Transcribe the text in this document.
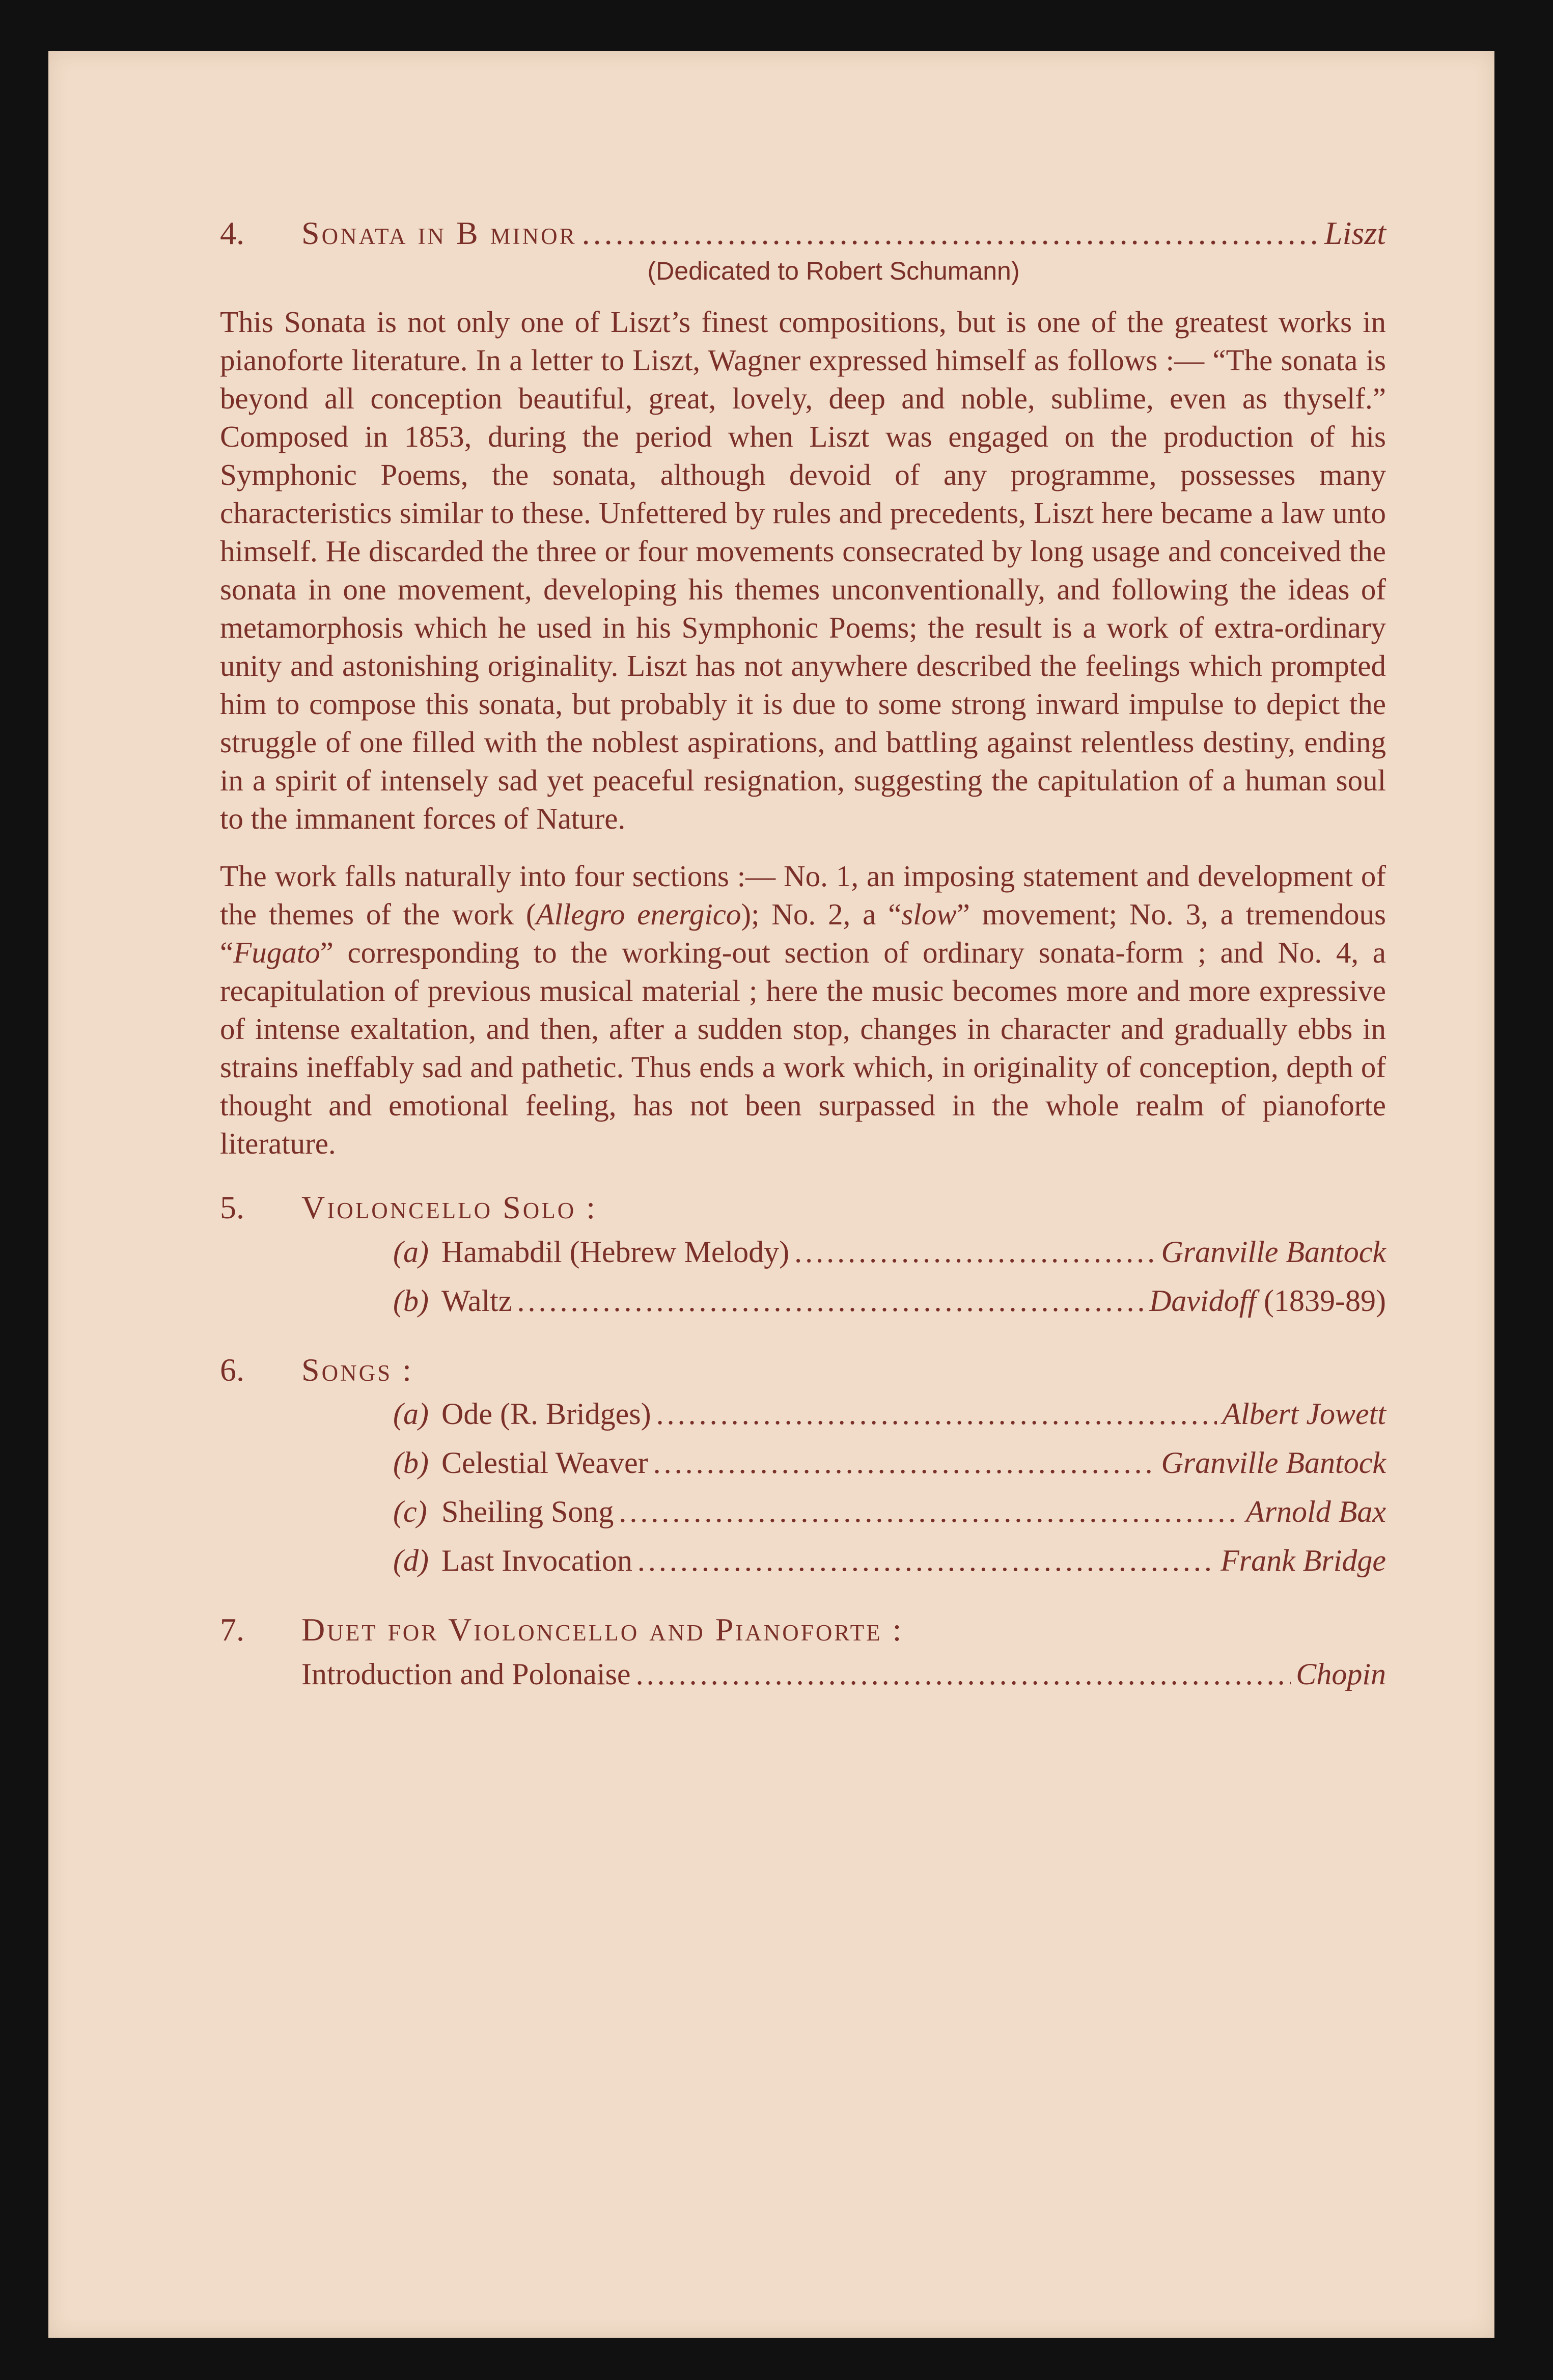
4.	Sonata in B minor .....	Liszt
(Dedicated to Robert Schumann)

This Sonata is not only one of Liszt’s finest compositions, but is one of the greatest works in pianoforte literature. In a letter to Liszt, Wagner expressed himself as follows :— “The sonata is beyond all conception beautiful, great, lovely, deep and noble, sublime, even as thyself.” Composed in 1853, during the period when Liszt was engaged on the production of his Symphonic Poems, the sonata, although devoid of any programme, possesses many characteristics similar to these. Unfettered by rules and precedents, Liszt here became a law unto himself. He discarded the three or four movements consecrated by long usage and conceived the sonata in one movement, developing his themes unconventionally, and following the ideas of metamorphosis which he used in his Symphonic Poems; the result is a work of extra-ordinary unity and astonishing originality. Liszt has not anywhere described the feelings which prompted him to compose this sonata, but probably it is due to some strong inward impulse to depict the struggle of one filled with the noblest aspirations, and battling against relentless destiny, ending in a spirit of intensely sad yet peaceful resignation, suggesting the capitulation of a human soul to the immanent forces of Nature.

The work falls naturally into four sections :— No. 1, an imposing statement and development of the themes of the work (Allegro energico); No. 2, a “slow” movement; No. 3, a tremendous “Fugato” corresponding to the working-out section of ordinary sonata-form ; and No. 4, a recapitulation of previous musical material ; here the music becomes more and more expressive of intense exaltation, and then, after a sudden stop, changes in character and gradually ebbs in strains ineffably sad and pathetic. Thus ends a work which, in originality of conception, depth of thought and emotional feeling, has not been surpassed in the whole realm of pianoforte literature.

5.	Violoncello Solo :
(a) Hamabdil (Hebrew Melody) .....	Granville Bantock
(b) Waltz .....	Davidoff (1839-89)
6.	Songs :
(a) Ode (R. Bridges) .....	Albert Jowett
(b) Celestial Weaver .....	Granville Bantock
(c) Sheiling Song .....	Arnold Bax
(d) Last Invocation .....	Frank Bridge
7.	Duet for Violoncello and Pianoforte :
Introduction and Polonaise .....	Chopin
